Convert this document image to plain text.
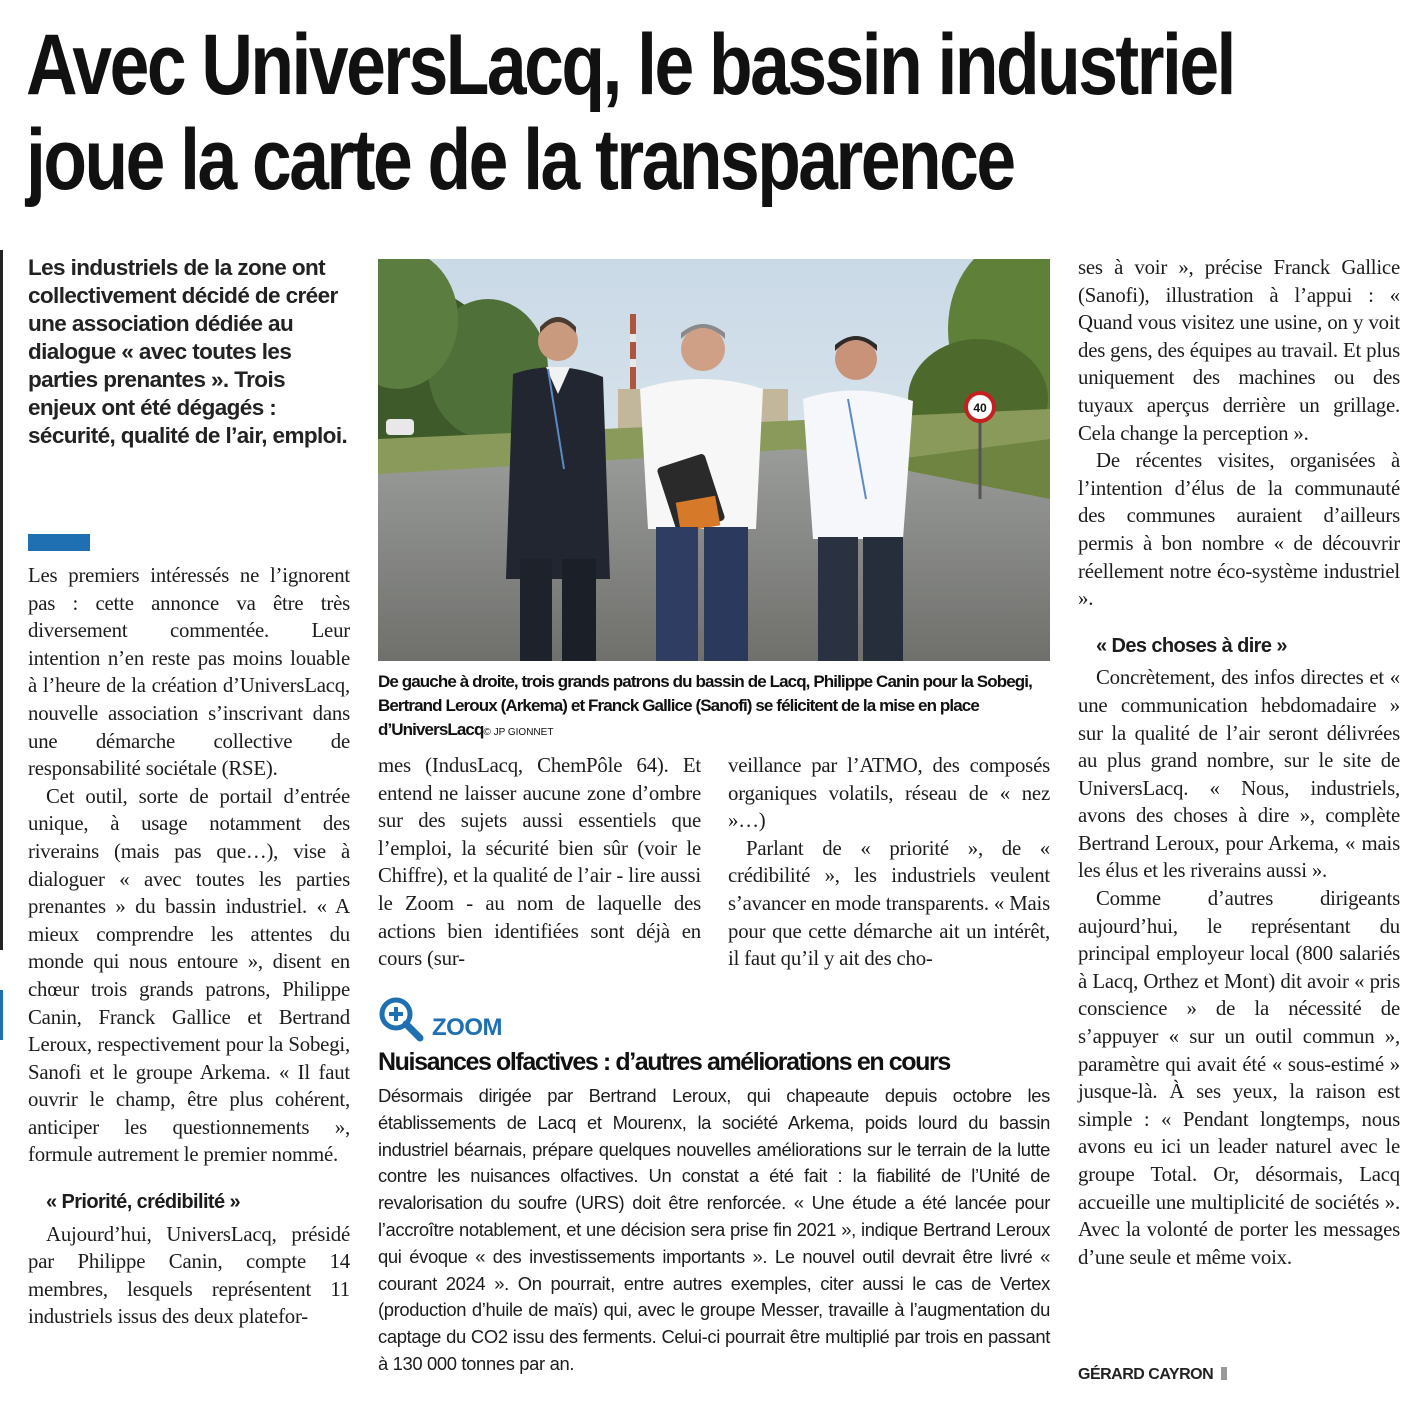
Avec UniversLacq, le bassin industriel
joue la carte de la transparence
Les industriels de la zone ont collectivement décidé de créer une association dédiée au dialogue « avec toutes les parties prenantes ». Trois enjeux ont été dégagés : sécurité, qualité de l’air, emploi.

Les premiers intéressés ne l’ignorent pas : cette annonce va être très diversement commentée. Leur intention n’en reste pas moins louable à l’heure de la création d’UniversLacq, nouvelle association s’inscrivant dans une démarche collective de responsabilité sociétale (RSE).

Cet outil, sorte de portail d’entrée unique, à usage notamment des riverains (mais pas que…), vise à dialoguer « avec toutes les parties prenantes » du bassin industriel. « A mieux comprendre les attentes du monde qui nous entoure », disent en chœur trois grands patrons, Philippe Canin, Franck Gallice et Bertrand Leroux, respectivement pour la Sobegi, Sanofi et le groupe Arkema. « Il faut ouvrir le champ, être plus cohérent, anticiper les questionnements », formule autrement le premier nommé.

« Priorité, crédibilité »

Aujourd’hui, UniversLacq, présidé par Philippe Canin, compte 14 membres, lesquels représentent 11 industriels issus des deux platefor-

40
De gauche à droite, trois grands patrons du bassin de Lacq, Philippe Canin pour la Sobegi, Bertrand Leroux (Arkema) et Franck Gallice (Sanofi) se félicitent de la mise en place d’UniversLacq© JP GIONNET

mes (IndusLacq, ChemPôle 64). Et entend ne laisser aucune zone d’ombre sur des sujets aussi essentiels que l’emploi, la sécurité bien sûr (voir le Chiffre), et la qualité de l’air - lire aussi le Zoom - au nom de laquelle des actions bien identifiées sont déjà en cours (sur-

veillance par l’ATMO, des composés organiques volatils, réseau de « nez »…)

Parlant de « priorité », de « crédibilité », les industriels veulent s’avancer en mode transparents. « Mais pour que cette démarche ait un intérêt, il faut qu’il y ait des cho-

ZOOM
Nuisances olfactives : d’autres améliorations en cours
Désormais dirigée par Bertrand Leroux, qui chapeaute depuis octobre les établissements de Lacq et Mourenx, la société Arkema, poids lourd du bassin industriel béarnais, prépare quelques nouvelles améliorations sur le terrain de la lutte contre les nuisances olfactives. Un constat a été fait : la fiabilité de l’Unité de revalorisation du soufre (URS) doit être renforcée. « Une étude a été lancée pour l’accroître notablement, et une décision sera prise fin 2021 », indique Bertrand Leroux qui évoque « des investissements importants ». Le nouvel outil devrait être livré « courant 2024 ». On pourrait, entre autres exemples, citer aussi le cas de Vertex (production d’huile de maïs) qui, avec le groupe Messer, travaille à l’augmentation du captage du CO2 issu des ferments. Celui-ci pourrait être multiplié par trois en passant à 130 000 tonnes par an.

ses à voir », précise Franck Gallice (Sanofi), illustration à l’appui : « Quand vous visitez une usine, on y voit des gens, des équipes au travail. Et plus uniquement des machines ou des tuyaux aperçus derrière un grillage. Cela change la perception ».

De récentes visites, organisées à l’intention d’élus de la communauté des communes auraient d’ailleurs permis à bon nombre « de découvrir réellement notre éco-système industriel ».

« Des choses à dire »

Concrètement, des infos directes et « une communication hebdomadaire » sur la qualité de l’air seront délivrées au plus grand nombre, sur le site de UniversLacq. « Nous, industriels, avons des choses à dire », complète Bertrand Leroux, pour Arkema, « mais les élus et les riverains aussi ».

Comme d’autres dirigeants aujourd’hui, le représentant du principal employeur local (800 salariés à Lacq, Orthez et Mont) dit avoir « pris conscience » de la nécessité de s’appuyer « sur un outil commun », paramètre qui avait été « sous-estimé » jusque-là. À ses yeux, la raison est simple : « Pendant longtemps, nous avons eu ici un leader naturel avec le groupe Total. Or, désormais, Lacq accueille une multiplicité de sociétés ». Avec la volonté de porter les messages d’une seule et même voix.

GÉRARD CAYRON
